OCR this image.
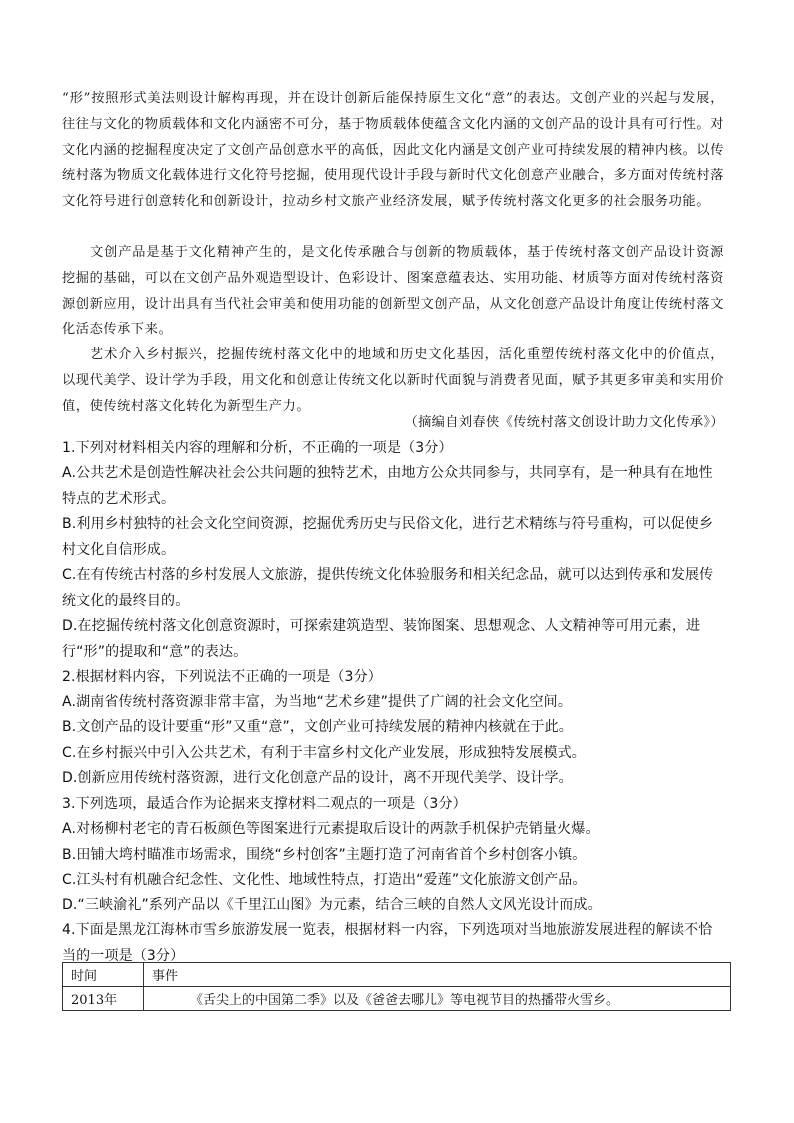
“形”按照形式美法则设计解构再现，并在设计创新后能保持原生文化“意”的表达。文创产业的兴起与发展，往往与文化的物质载体和文化内涵密不可分，基于物质载体使蕴含文化内涵的文创产品的设计具有可行性。对文化内涵的挖掘程度决定了文创产品创意水平的高低，因此文化内涵是文创产业可持续发展的精神内核。以传统村落为物质文化载体进行文化符号挖掘，使用现代设计手段与新时代文化创意产业融合，多方面对传统村落文化符号进行创意转化和创新设计，拉动乡村文旅产业经济发展，赋予传统村落文化更多的社会服务功能。

文创产品是基于文化精神产生的，是文化传承融合与创新的物质载体，基于传统村落文创产品设计资源挖掘的基础，可以在文创产品外观造型设计、色彩设计、图案意蕴表达、实用功能、材质等方面对传统村落资源创新应用，设计出具有当代社会审美和使用功能的创新型文创产品，从文化创意产品设计角度让传统村落文化活态传承下来。

艺术介入乡村振兴，挖掘传统村落文化中的地域和历史文化基因，活化重塑传统村落文化中的价值点，以现代美学、设计学为手段，用文化和创意让传统文化以新时代面貌与消费者见面，赋予其更多审美和实用价值，使传统村落文化转化为新型生产力。

（摘编自刘春侠《传统村落文创设计助力文化传承》）

1.下列对材料相关内容的理解和分析，不正确的一项是（3分）

A.公共艺术是创造性解决社会公共问题的独特艺术，由地方公众共同参与，共同享有，是一种具有在地性特点的艺术形式。

B.利用乡村独特的社会文化空间资源，挖掘优秀历史与民俗文化，进行艺术精练与符号重构，可以促使乡村文化自信形成。

C.在有传统古村落的乡村发展人文旅游，提供传统文化体验服务和相关纪念品，就可以达到传承和发展传统文化的最终目的。

D.在挖掘传统村落文化创意资源时，可探索建筑造型、装饰图案、思想观念、人文精神等可用元素，进行“形”的提取和“意”的表达。

2.根据材料内容，下列说法不正确的一项是（3分）

A.湖南省传统村落资源非常丰富，为当地“艺术乡建”提供了广阔的社会文化空间。

B.文创产品的设计要重“形”又重“意”，文创产业可持续发展的精神内核就在于此。

C.在乡村振兴中引入公共艺术，有利于丰富乡村文化产业发展，形成独特发展模式。

D.创新应用传统村落资源，进行文化创意产品的设计，离不开现代美学、设计学。

3.下列选项，最适合作为论据来支撑材料二观点的一项是（3分）

A.对杨柳村老宅的青石板颜色等图案进行元素提取后设计的两款手机保护壳销量火爆。

B.田铺大塆村瞄准市场需求，围绕“乡村创客”主题打造了河南省首个乡村创客小镇。

C.江头村有机融合纪念性、文化性、地域性特点，打造出“爱莲”文化旅游文创产品。

D.“三峡渝礼”系列产品以《千里江山图》为元素，结合三峡的自然人文风光设计而成。

4.下面是黑龙江海林市雪乡旅游发展一览表，根据材料一内容，下列选项对当地旅游发展进程的解读不恰当的一项是（3分）

时间	事件
2013年	《舌尖上的中国第二季》以及《爸爸去哪儿》等电视节目的热播带火雪乡。
